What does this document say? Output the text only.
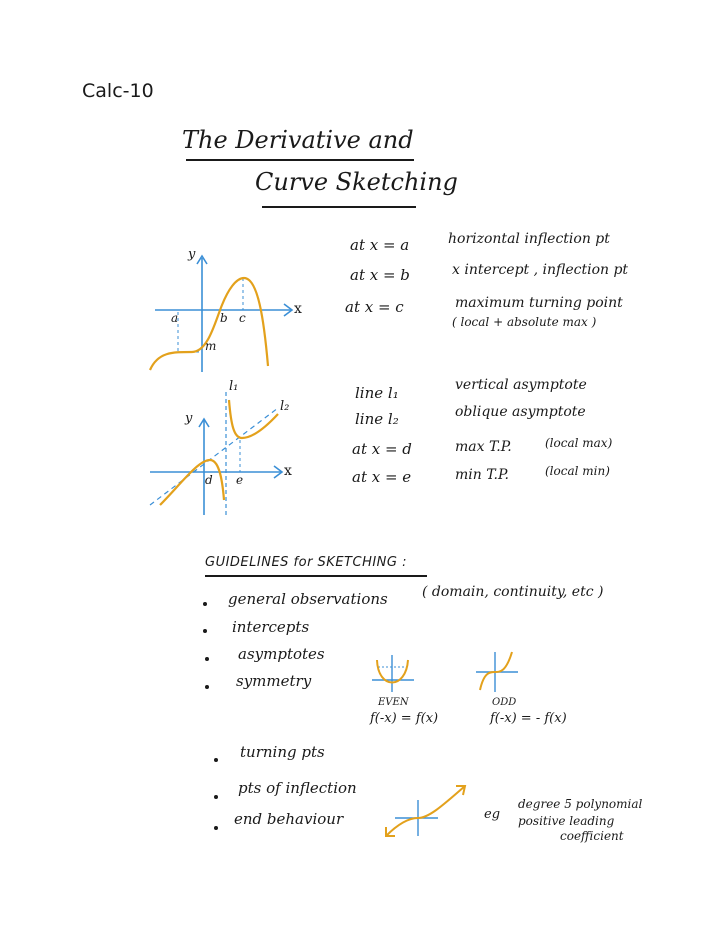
Calc-10
The Derivative and
Curve Sketching
y
x
a	b c
m
at x = a	horizontal inflection pt
at x = b	x intercept , inflection pt
at x = c	maximum turning point
( local + absolute max )
y
x
l₁
l₂
d e
line l₁	vertical asymptote
line l₂	oblique asymptote
at x = d	max T.P.	(local max)
at x = e	min T.P.	(local min)
GUIDELINES for SKETCHING :
general observations ( domain, continuity, etc )
intercepts
asymptotes
symmetry
EVEN
f(-x) = f(x)
ODD
f(-x) = - f(x)
turning pts
pts of inflection
end behaviour	eg
degree 5 polynomial
positive leading
coefficient
